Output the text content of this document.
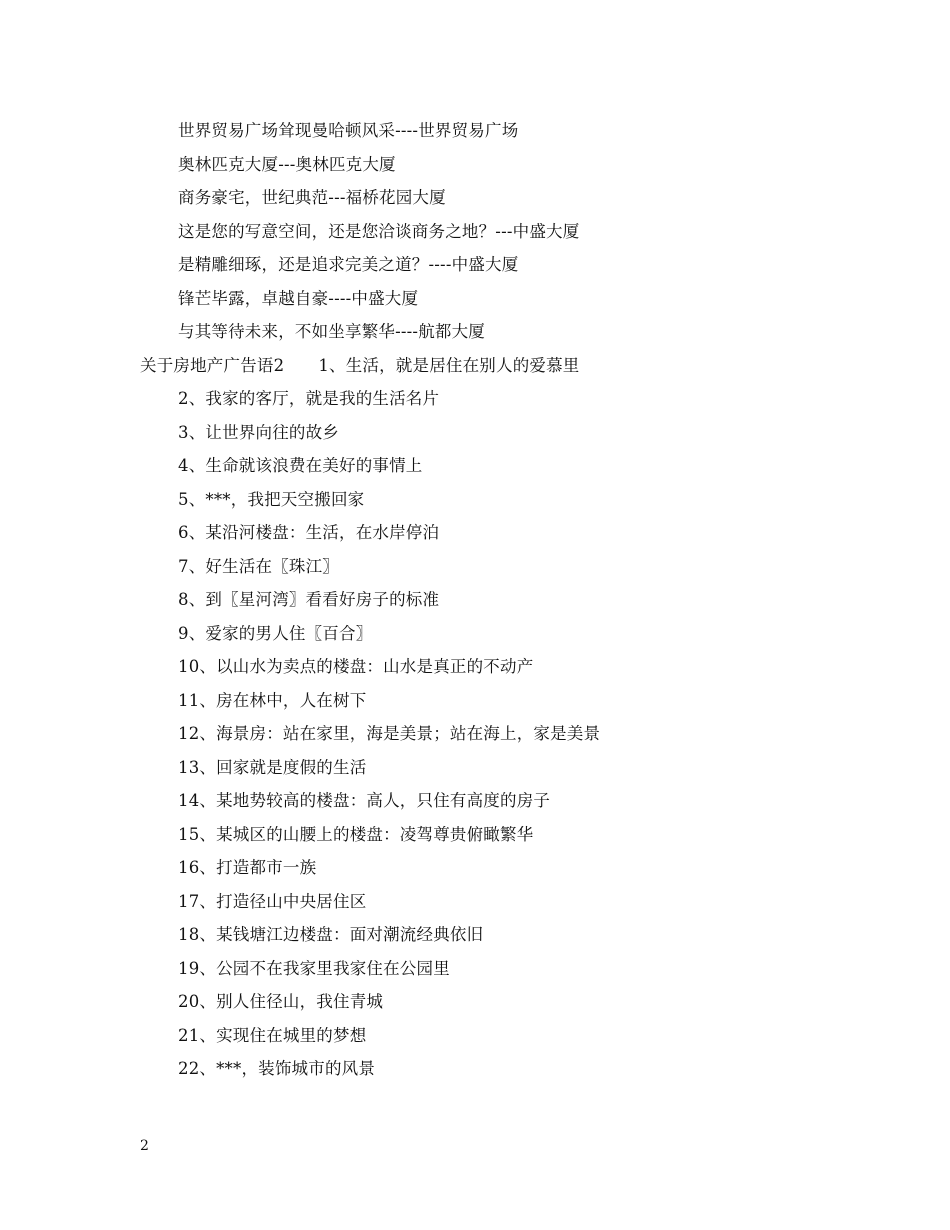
世界贸易广场耸现曼哈顿风采----世界贸易广场
奥林匹克大厦---奥林匹克大厦
商务豪宅，世纪典范---福桥花园大厦
这是您的写意空间，还是您洽谈商务之地？---中盛大厦
是精雕细琢，还是追求完美之道？----中盛大厦
锋芒毕露，卓越自豪----中盛大厦
与其等待未来，不如坐享繁华----航都大厦
关于房地产广告语2 1、生活，就是居住在别人的爱慕里
2、我家的客厅，就是我的生活名片
3、让世界向往的故乡
4、生命就该浪费在美好的事情上
5、***，我把天空搬回家
6、某沿河楼盘：生活，在水岸停泊
7、好生活在〖珠江〗
8、到〖星河湾〗看看好房子的标准
9、爱家的男人住〖百合〗
10、以山水为卖点的楼盘：山水是真正的不动产
11、房在林中，人在树下
12、海景房：站在家里，海是美景；站在海上，家是美景
13、回家就是度假的生活
14、某地势较高的楼盘：高人，只住有高度的房子
15、某城区的山腰上的楼盘：凌驾尊贵俯瞰繁华
16、打造都市一族
17、打造径山中央居住区
18、某钱塘江边楼盘：面对潮流经典依旧
19、公园不在我家里我家住在公园里
20、别人住径山，我住青城
21、实现住在城里的梦想
22、***，装饰城市的风景
2
